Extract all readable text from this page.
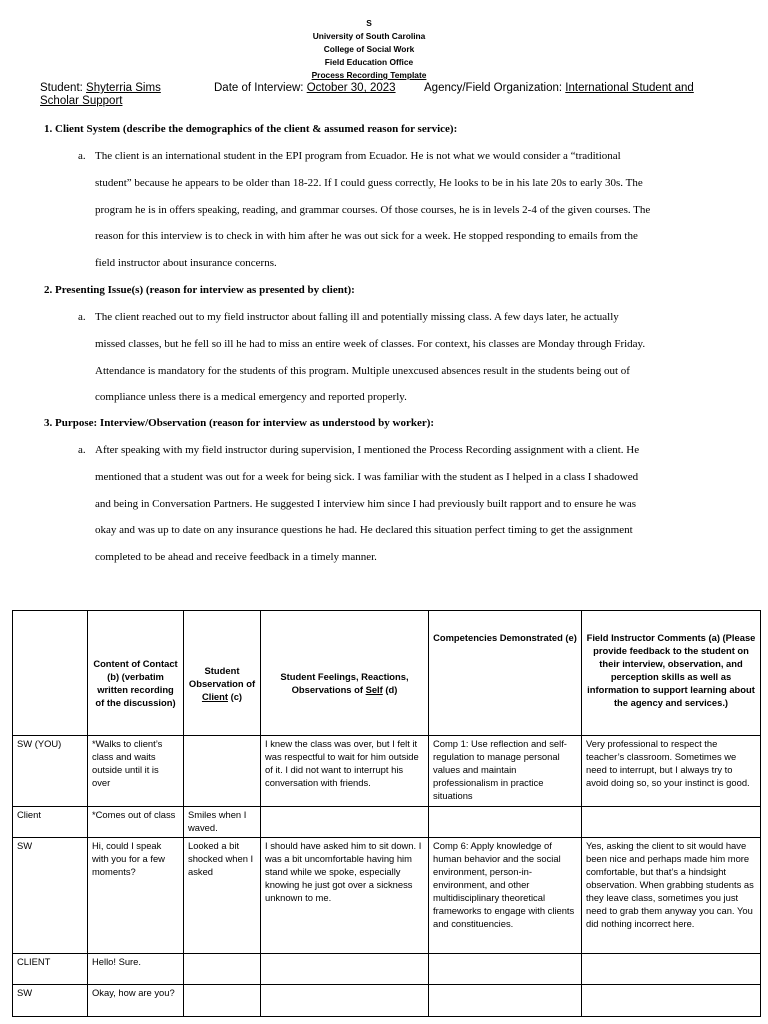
S
University of South Carolina
College of Social Work
Field Education Office
Process Recording Template
Student: Shyterria Sims	Date of Interview: October 30, 2023 Agency/Field Organization: International Student and
Scholar Support
1. Client System (describe the demographics of the client & assumed reason for service):
a. The client is an international student in the EPI program from Ecuador. He is not what we would consider a “traditional
student” because he appears to be older than 18-22. If I could guess correctly, He looks to be in his late 20s to early 30s. The
program he is in offers speaking, reading, and grammar courses. Of those courses, he is in levels 2-4 of the given courses. The
reason for this interview is to check in with him after he was out sick for a week. He stopped responding to emails from the
field instructor about insurance concerns.
2. Presenting Issue(s) (reason for interview as presented by client):
a. The client reached out to my field instructor about falling ill and potentially missing class. A few days later, he actually
missed classes, but he fell so ill he had to miss an entire week of classes. For context, his classes are Monday through Friday.
Attendance is mandatory for the students of this program. Multiple unexcused absences result in the students being out of
compliance unless there is a medical emergency and reported properly.
3. Purpose: Interview/Observation (reason for interview as understood by worker):
a. After speaking with my field instructor during supervision, I mentioned the Process Recording assignment with a client. He
mentioned that a student was out for a week for being sick. I was familiar with the student as I helped in a class I shadowed
and being in Conversation Partners. He suggested I interview him since I had previously built rapport and to ensure he was
okay and was up to date on any insurance questions he had. He declared this situation perfect timing to get the assignment
completed to be ahead and receive feedback in a timely manner.
	Content of Contact (b) (verbatim written recording of the discussion)	Student Observation of Client (c)	Student Feelings, Reactions, Observations of Self (d)	Competencies Demonstrated (e)	Field Instructor Comments (a) (Please provide feedback to the student on their interview, observation, and perception skills as well as information to support learning about the agency and services.)
SW (YOU)	*Walks to client’s class and waits outside until it is over		I knew the class was over, but I felt it was respectful to wait for him outside of it. I did not want to interrupt his conversation with friends.	Comp 1: Use reflection and self-regulation to manage personal values and maintain professionalism in practice situations	Very professional to respect the teacher’s classroom. Sometimes we need to interrupt, but I always try to avoid doing so, so your instinct is good.
Client	*Comes out of class	Smiles when I waved.			
SW	Hi, could I speak with you for a few moments?	Looked a bit shocked when I asked	I should have asked him to sit down. I was a bit uncomfortable having him stand while we spoke, especially knowing he just got over a sickness unknown to me.	Comp 6: Apply knowledge of human behavior and the social environment, person-in-environment, and other multidisciplinary theoretical frameworks to engage with clients and constituencies.	Yes, asking the client to sit would have been nice and perhaps made him more comfortable, but that’s a hindsight observation. When grabbing students as they leave class, sometimes you just need to grab them anyway you can. You did nothing incorrect here.
CLIENT	Hello! Sure.				
SW	Okay, how are you?				
